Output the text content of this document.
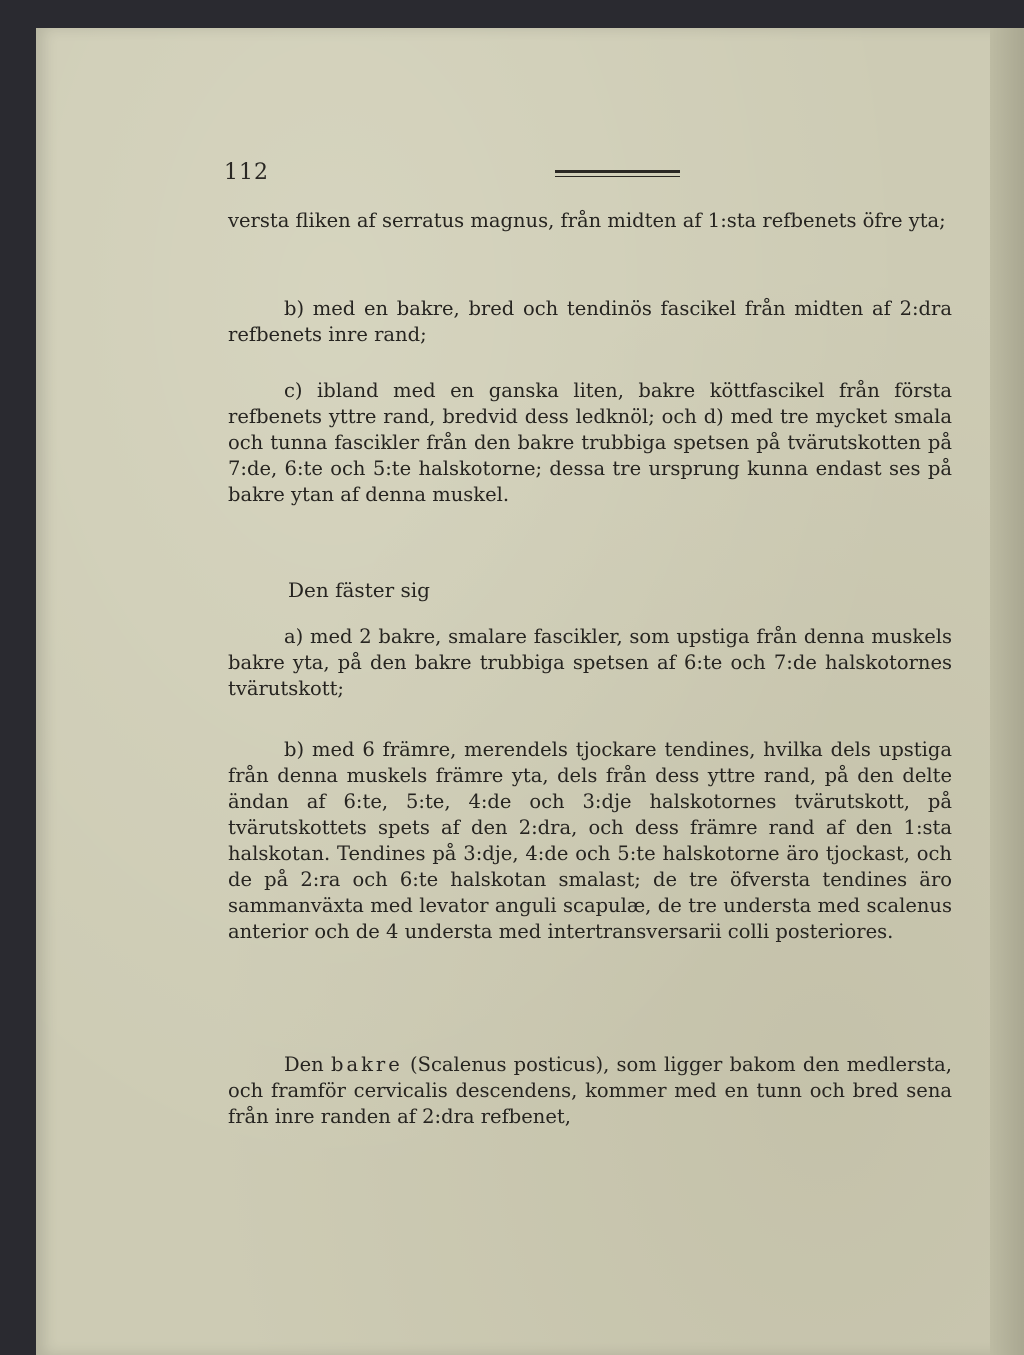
112
versta fliken af serratus magnus, från midten af 1:sta refbenets öfre yta;
b) med en bakre, bred och tendinös fascikel från midten af 2:dra refbenets inre rand;
c) ibland med en ganska liten, bakre köttfascikel från första refbenets yttre rand, bredvid dess ledknöl; och d) med tre mycket smala och tunna fascikler från den bakre trubbiga spetsen på tvärutskotten på 7:de, 6:te och 5:te halskotorne; dessa tre ursprung kunna endast ses på bakre ytan af denna muskel.
Den fäster sig
a) med 2 bakre, smalare fascikler, som upstiga från denna muskels bakre yta, på den bakre trubbiga spetsen af 6:te och 7:de halskotornes tvärutskott;
b) med 6 främre, merendels tjockare tendines, hvilka dels upstiga från denna muskels främre yta, dels från dess yttre rand, på den delte ändan af 6:te, 5:te, 4:de och 3:dje halskotornes tvärutskott, på tvärutskottets spets af den 2:dra, och dess främre rand af den 1:sta halskotan. Tendines på 3:dje, 4:de och 5:te halskotorne äro tjockast, och de på 2:ra och 6:te halskotan smalast; de tre öfversta tendines äro sammanväxta med levator anguli scapulæ, de tre understa med scalenus anterior och de 4 understa med intertransversarii colli posteriores.
Den bakre (Scalenus posticus), som ligger bakom den medlersta, och framför cervicalis descendens, kommer med en tunn och bred sena från inre randen af 2:dra refbenet,
